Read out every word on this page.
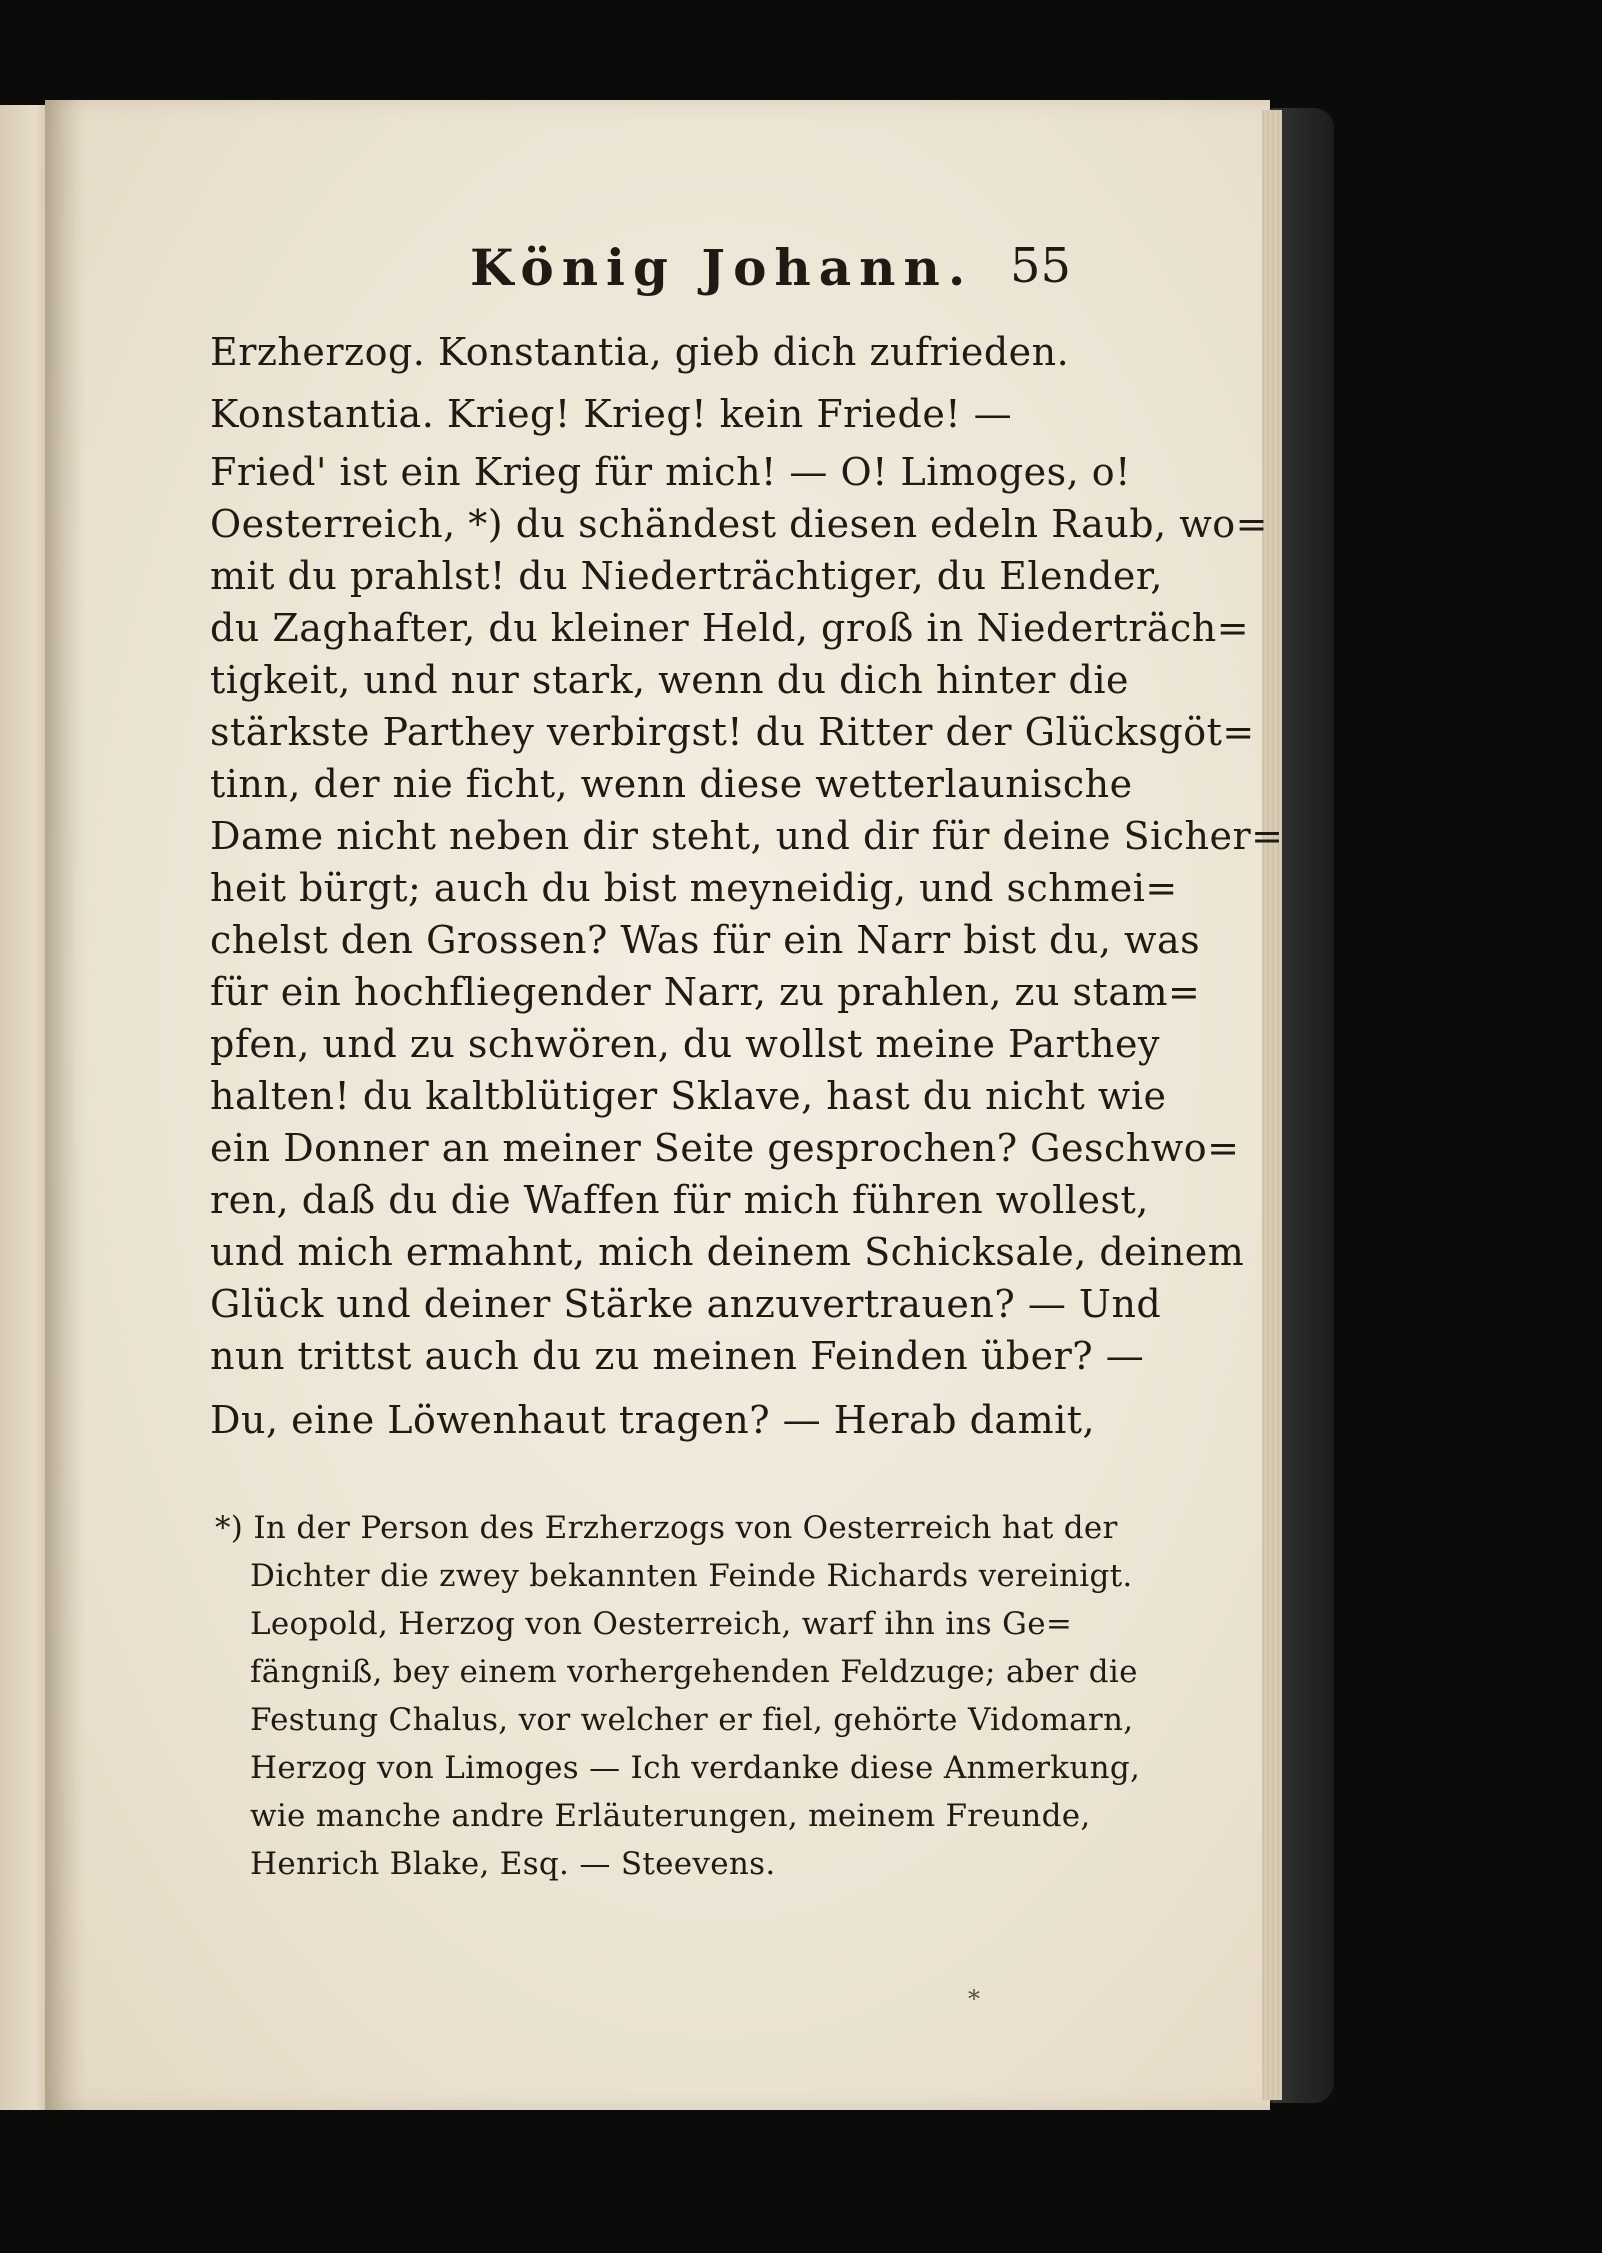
König Johann. 55
Erzherzog. Konstantia, gieb dich zufrieden.
Konstantia. Krieg! Krieg! kein Friede! —
Fried' ist ein Krieg für mich! — O! Limoges, o!
Oesterreich, *) du schändest diesen edeln Raub, wo=
mit du prahlst! du Niederträchtiger, du Elender,
du Zaghafter, du kleiner Held, groß in Niederträch=
tigkeit, und nur stark, wenn du dich hinter die
stärkste Parthey verbirgst! du Ritter der Glücksgöt=
tinn, der nie ficht, wenn diese wetterlaunische
Dame nicht neben dir steht, und dir für deine Sicher=
heit bürgt; auch du bist meyneidig, und schmei=
chelst den Grossen? Was für ein Narr bist du, was
für ein hochfliegender Narr, zu prahlen, zu stam=
pfen, und zu schwören, du wollst meine Parthey
halten! du kaltblütiger Sklave, hast du nicht wie
ein Donner an meiner Seite gesprochen? Geschwo=
ren, daß du die Waffen für mich führen wollest,
und mich ermahnt, mich deinem Schicksale, deinem
Glück und deiner Stärke anzuvertrauen? — Und
nun trittst auch du zu meinen Feinden über? —
Du, eine Löwenhaut tragen? — Herab damit,
*) In der Person des Erzherzogs von Oesterreich hat der
Dichter die zwey bekannten Feinde Richards vereinigt.
Leopold, Herzog von Oesterreich, warf ihn ins Ge=
fängniß, bey einem vorhergehenden Feldzuge; aber die
Festung Chalus, vor welcher er fiel, gehörte Vidomarn,
Herzog von Limoges — Ich verdanke diese Anmerkung,
wie manche andre Erläuterungen, meinem Freunde,
Henrich Blake, Esq. — Steevens.
*
